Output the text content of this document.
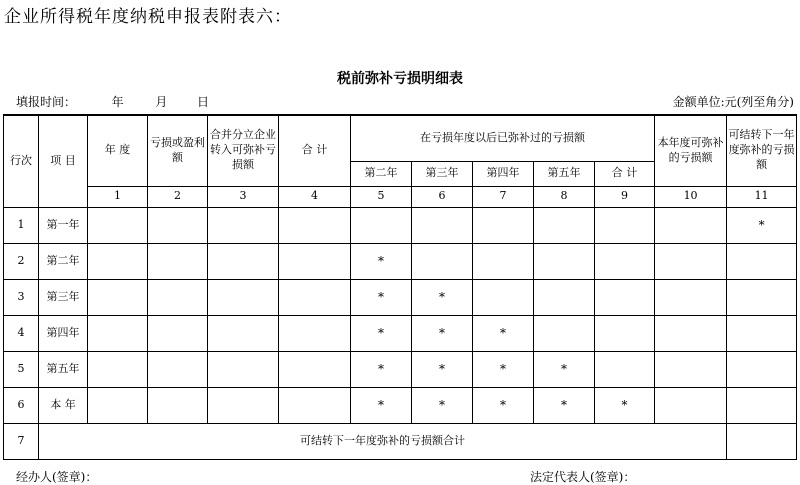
企业所得税年度纳税申报表附表六：
税前弥补亏损明细表
填报时间：	年	月 日	金额单位:元(列至角分)
行次	项 目	年 度	亏损或盈利额	合并分立企业转入可弥补亏损额	合 计	在亏损年度以后已弥补过的亏损额					本年度可弥补的亏损额	可结转下一年度弥补的亏损额
						第二年	第三年	第四年	第五年	合 计		
		1	2	3	4	5	6	7	8	9	10	11
1	第一年											*
2	第二年					*						
3	第三年					*	*					
4	第四年					*	*	*				
5	第五年					*	*	*	*			
6	本 年					*	*	*	*	*		
7	可结转下一年度弥补的亏损额合计											
经办人(签章)：	法定代表人(签章)：
